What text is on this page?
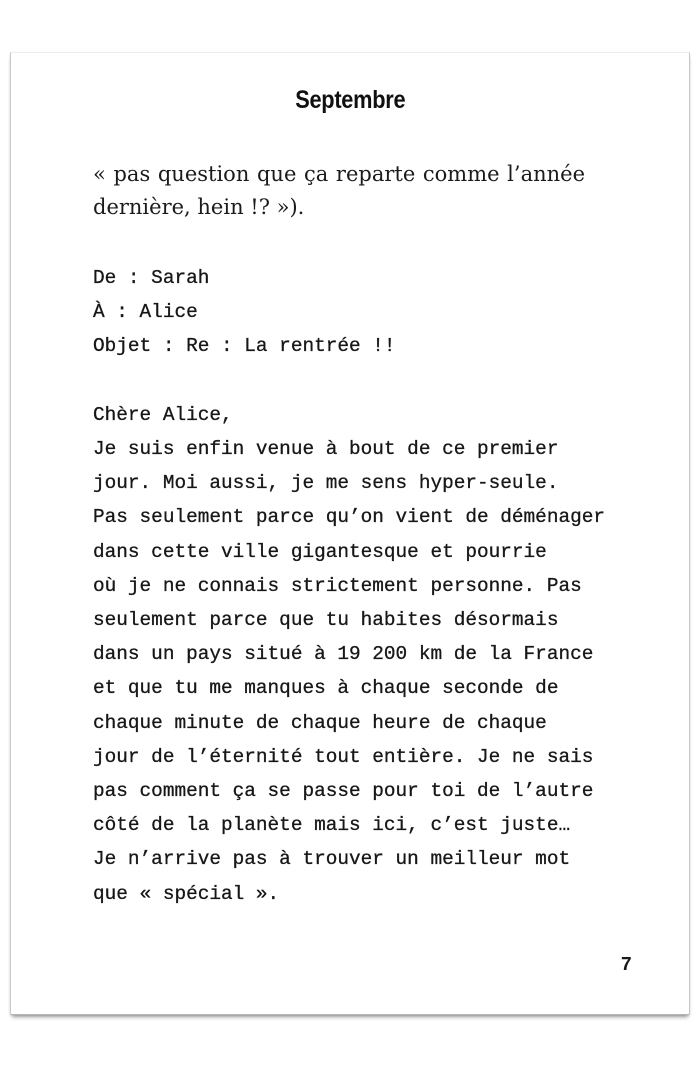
Septembre
« pas question que ça reparte comme l’année
dernière, hein !? »).
De : Sarah
À : Alice
Objet : Re : La rentrée !!

Chère Alice,
Je suis enfin venue à bout de ce premier
jour. Moi aussi, je me sens hyper-seule.
Pas seulement parce qu’on vient de déménager
dans cette ville gigantesque et pourrie
où je ne connais strictement personne. Pas
seulement parce que tu habites désormais
dans un pays situé à 19 200 km de la France
et que tu me manques à chaque seconde de
chaque minute de chaque heure de chaque
jour de l’éternité tout entière. Je ne sais
pas comment ça se passe pour toi de l’autre
côté de la planète mais ici, c’est juste…
Je n’arrive pas à trouver un meilleur mot
que « spécial ».
7
